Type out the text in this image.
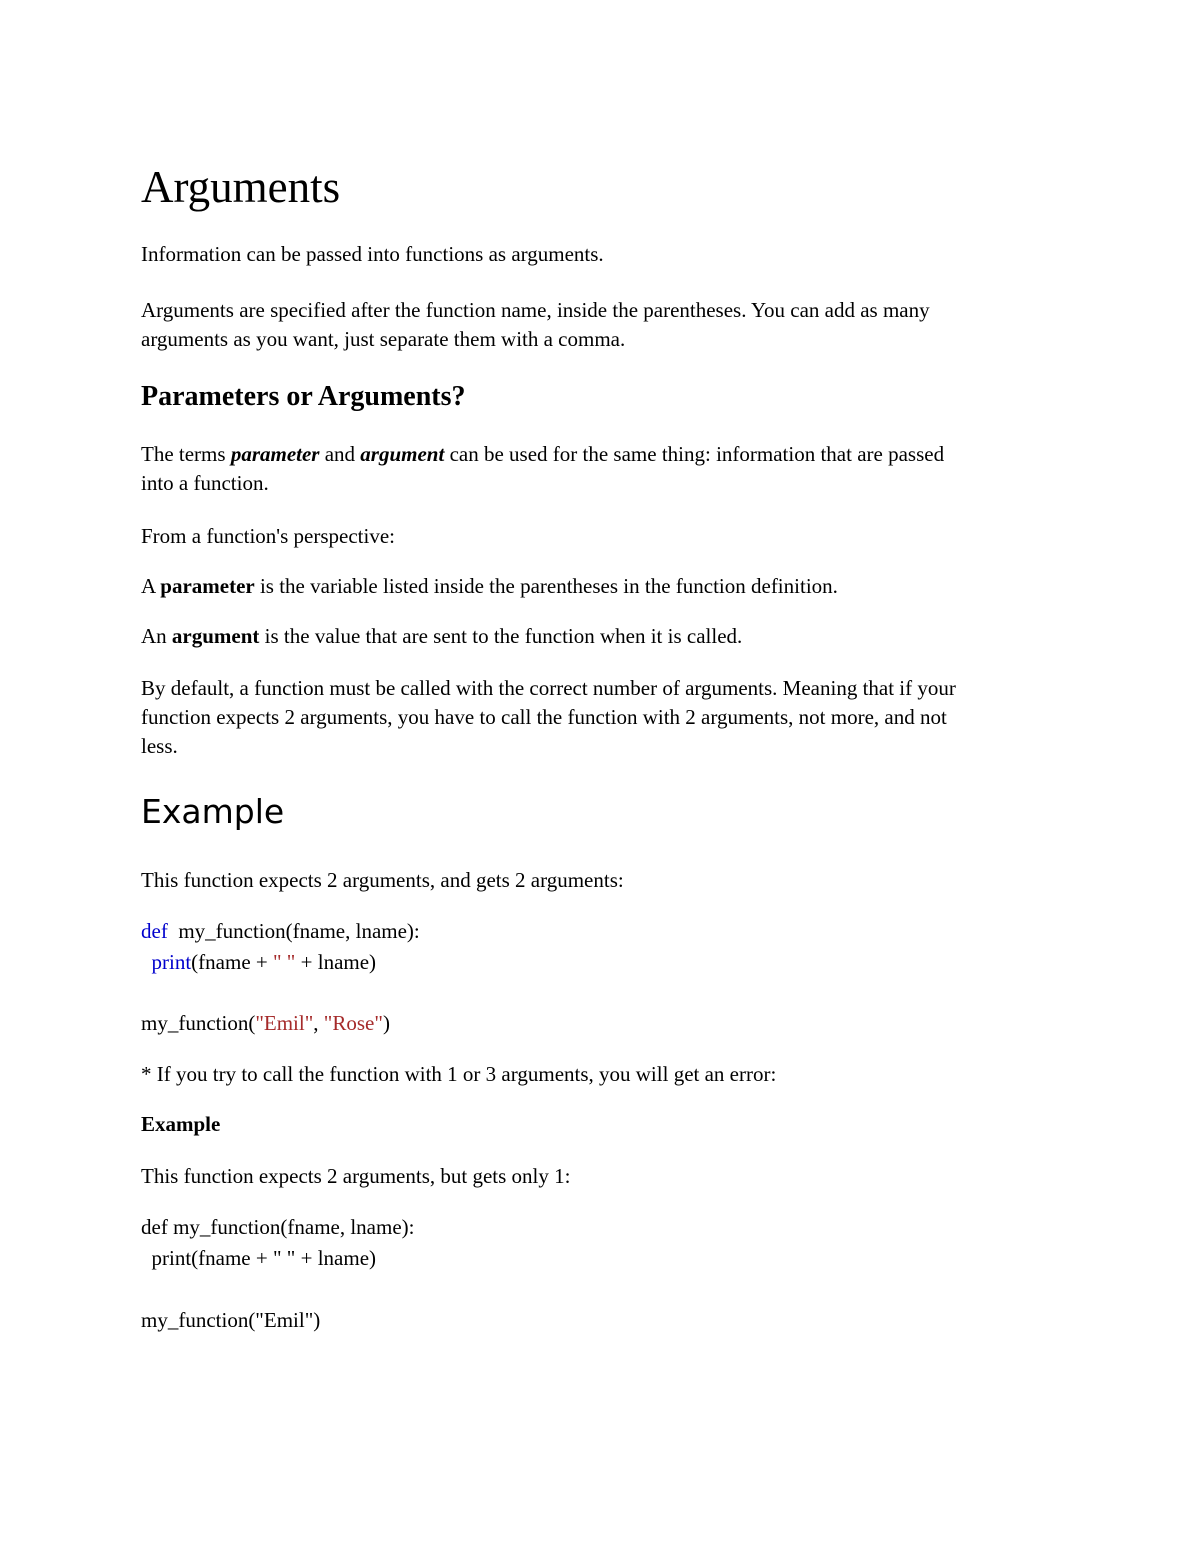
Arguments

Information can be passed into functions as arguments.

Arguments are specified after the function name, inside the parentheses. You can add as many
arguments as you want, just separate them with a comma.

Parameters or Arguments?

The terms parameter and argument can be used for the same thing: information that are passed
into a function.

From a function's perspective:

A parameter is the variable listed inside the parentheses in the function definition.

An argument is the value that are sent to the function when it is called.

By default, a function must be called with the correct number of arguments. Meaning that if your
function expects 2 arguments, you have to call the function with 2 arguments, not more, and not
less.

Example

This function expects 2 arguments, and gets 2 arguments:

def  my_function(fname, lname):
print(fname + " " + lname)
my_function("Emil", "Rose")

* If you try to call the function with 1 or 3 arguments, you will get an error:

Example

This function expects 2 arguments, but gets only 1:

def my_function(fname, lname):
print(fname + " " + lname)
my_function("Emil")
